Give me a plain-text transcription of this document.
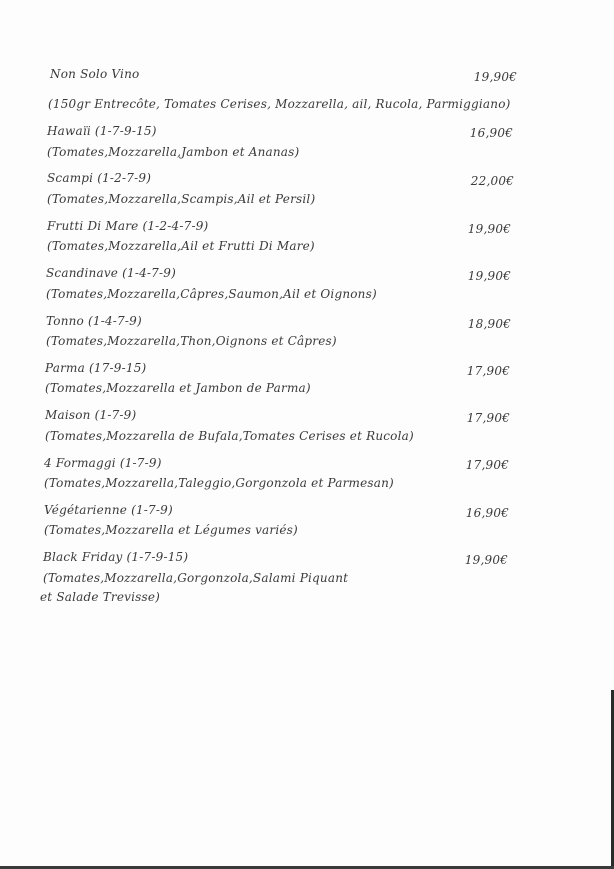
Non Solo Vino	19,90€
(150gr Entrecôte, Tomates Cerises, Mozzarella, ail, Rucola, Parmiggiano)
Hawaïi (1-7-9-15)	16,90€
(Tomates,Mozzarella,Jambon et Ananas)
Scampi (1-2-7-9)	22,00€
(Tomates,Mozzarella,Scampis,Ail et Persil)
Frutti Di Mare (1-2-4-7-9)	19,90€
(Tomates,Mozzarella,Ail et Frutti Di Mare)
Scandinave (1-4-7-9)	19,90€
(Tomates,Mozzarella,Câpres,Saumon,Ail et Oignons)
Tonno (1-4-7-9)	18,90€
(Tomates,Mozzarella,Thon,Oignons et Câpres)
Parma (17-9-15)	17,90€
(Tomates,Mozzarella et Jambon de Parma)
Maison (1-7-9)	17,90€
(Tomates,Mozzarella de Bufala,Tomates Cerises et Rucola)
4 Formaggi (1-7-9)	17,90€
(Tomates,Mozzarella,Taleggio,Gorgonzola et Parmesan)
Végétarienne (1-7-9)	16,90€
(Tomates,Mozzarella et Légumes variés)
Black Friday (1-7-9-15)	19,90€
(Tomates,Mozzarella,Gorgonzola,Salami Piquant
et Salade Trevisse)
